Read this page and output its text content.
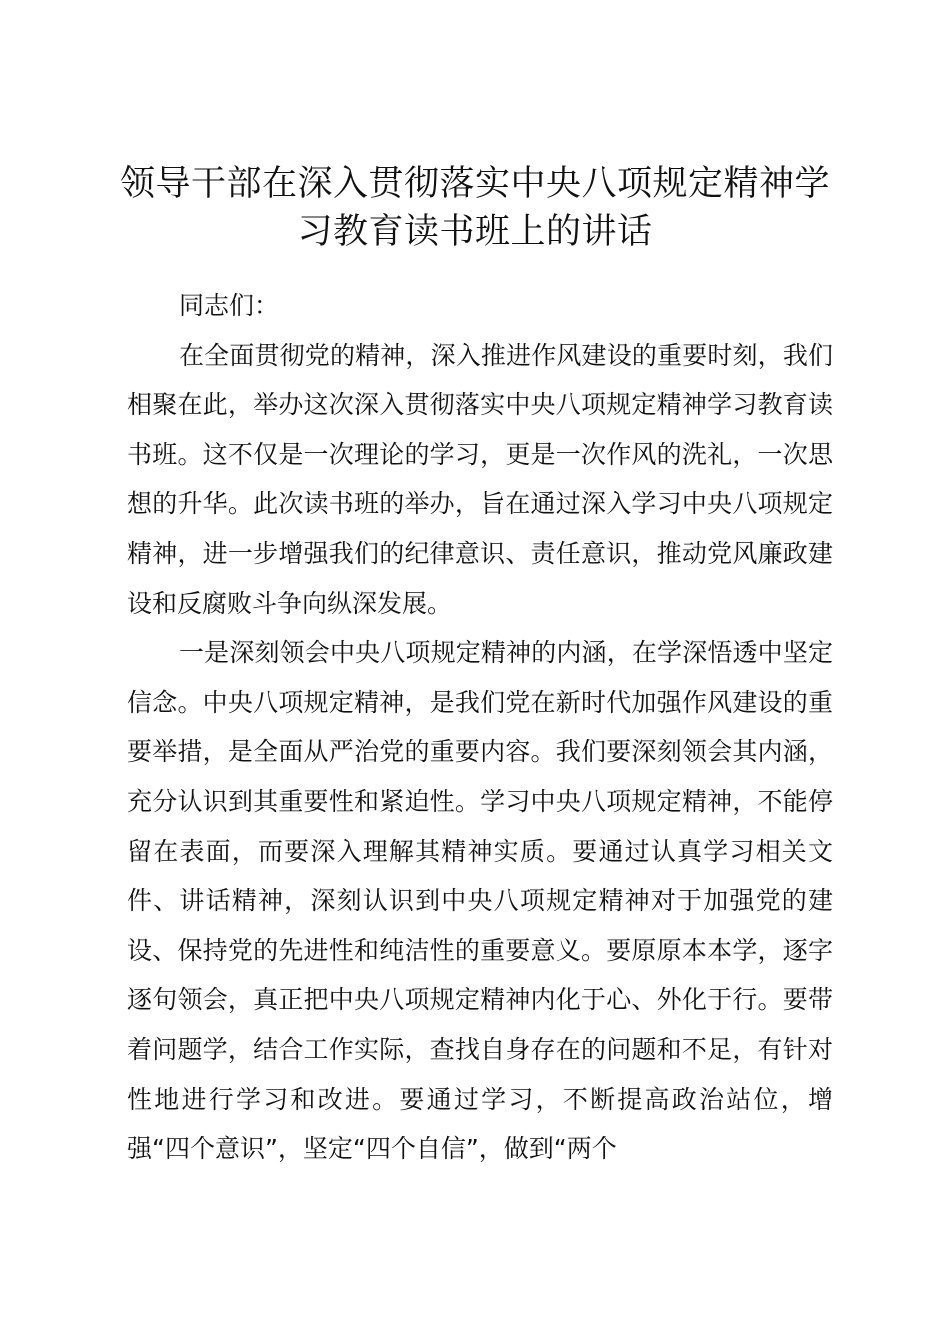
领导干部在深入贯彻落实中央八项规定精神学
习教育读书班上的讲话

同志们：

在全面贯彻党的精神，深入推进作风建设的重要时刻，我们相聚在此，举办这次深入贯彻落实中央八项规定精神学习教育读书班。这不仅是一次理论的学习，更是一次作风的洗礼，一次思想的升华。此次读书班的举办，旨在通过深入学习中央八项规定精神，进一步增强我们的纪律意识、责任意识，推动党风廉政建设和反腐败斗争向纵深发展。

一是深刻领会中央八项规定精神的内涵，在学深悟透中坚定信念。中央八项规定精神，是我们党在新时代加强作风建设的重要举措，是全面从严治党的重要内容。我们要深刻领会其内涵，充分认识到其重要性和紧迫性。学习中央八项规定精神，不能停留在表面，而要深入理解其精神实质。要通过认真学习相关文件、讲话精神，深刻认识到中央八项规定精神对于加强党的建设、保持党的先进性和纯洁性的重要意义。要原原本本学，逐字逐句领会，真正把中央八项规定精神内化于心、外化于行。要带着问题学，结合工作实际，查找自身存在的问题和不足，有针对性地进行学习和改进。要通过学习，不断提高政治站位，增强“四个意识”，坚定“四个自信”，做到“两个
